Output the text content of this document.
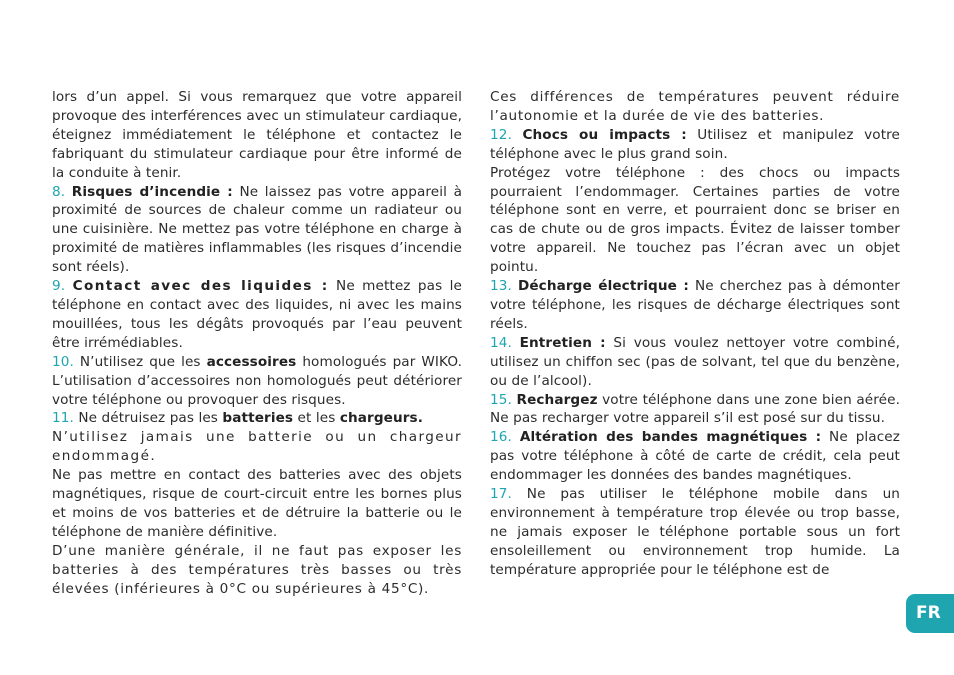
lors d’un appel. Si vous remarquez que votre appareil provoque des interférences avec un stimulateur cardiaque, éteignez immédiatement le téléphone et contactez le fabriquant du stimulateur cardiaque pour être informé de la conduite à tenir.

8. Risques d’incendie : Ne laissez pas votre appareil à proximité de sources de chaleur comme un radiateur ou une cuisinière. Ne mettez pas votre téléphone en charge à proximité de matières inflammables (les risques d’incendie sont réels).

9. Contact avec des liquides : Ne mettez pas le téléphone en contact avec des liquides, ni avec les mains mouillées, tous les dégâts provoqués par l’eau peuvent être irrémédiables.

10. N’utilisez que les accessoires homologués par WIKO. L’utilisation d’accessoires non homologués peut détériorer votre téléphone ou provoquer des risques.

11. Ne détruisez pas les batteries et les chargeurs.

N’utilisez jamais une batterie ou un chargeur endommagé.

Ne pas mettre en contact des batteries avec des objets magnétiques, risque de court-circuit entre les bornes plus et moins de vos batteries et de détruire la batterie ou le téléphone de manière définitive.

D’une manière générale, il ne faut pas exposer les batteries à des températures très basses ou très élevées (inférieures à 0°C ou supérieures à 45°C).

Ces différences de températures peuvent réduire l’autonomie et la durée de vie des batteries.

12. Chocs ou impacts : Utilisez et manipulez votre téléphone avec le plus grand soin.

Protégez votre téléphone : des chocs ou impacts pourraient l’endommager. Certaines parties de votre téléphone sont en verre, et pourraient donc se briser en cas de chute ou de gros impacts. Évitez de laisser tomber votre appareil. Ne touchez pas l’écran avec un objet pointu.

13. Décharge électrique : Ne cherchez pas à démonter votre téléphone, les risques de décharge électriques sont réels.

14. Entretien : Si vous voulez nettoyer votre combiné, utilisez un chiffon sec (pas de solvant, tel que du benzène, ou de l’alcool).

15. Rechargez votre téléphone dans une zone bien aérée. Ne pas recharger votre appareil s’il est posé sur du tissu.

16. Altération des bandes magnétiques : Ne placez pas votre téléphone à côté de carte de crédit, cela peut endommager les données des bandes magnétiques.

17. Ne pas utiliser le téléphone mobile dans un environnement à température trop élevée ou trop basse, ne jamais exposer le téléphone portable sous un fort ensoleillement ou environnement trop humide. La température appropriée pour le téléphone est de

FR
